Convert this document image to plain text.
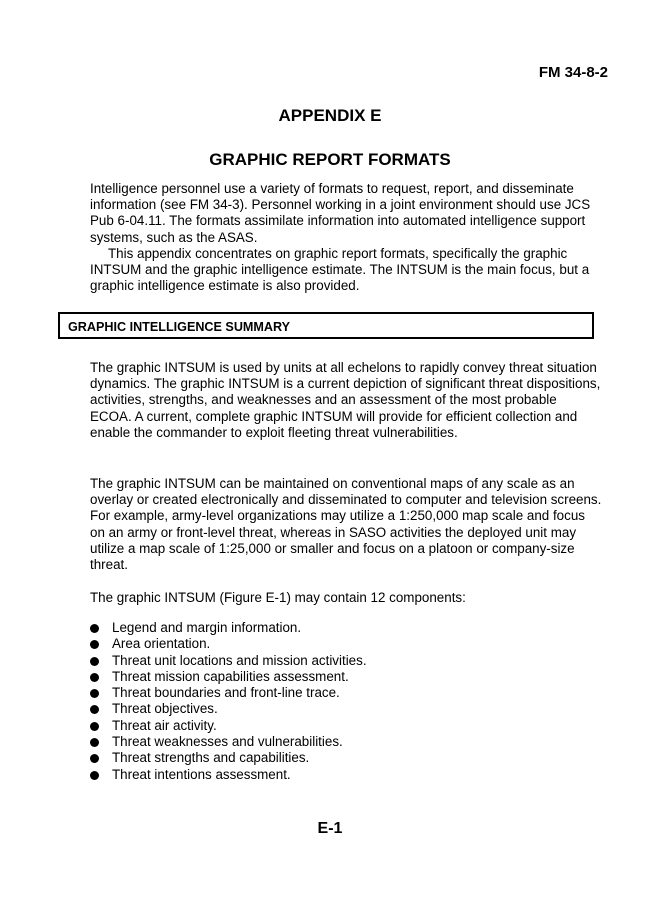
FM 34-8-2
APPENDIX E
GRAPHIC REPORT FORMATS

Intelligence personnel use a variety of formats to request, report, and disseminate information (see FM 34-3). Personnel working in a joint environment should use JCS Pub 6-04.11. The formats assimilate information into automated intelligence support systems, such as the ASAS.

This appendix concentrates on graphic report formats, specifically the graphic INTSUM and the graphic intelligence estimate. The INTSUM is the main focus, but a graphic intelligence estimate is also provided.

GRAPHIC INTELLIGENCE SUMMARY

The graphic INTSUM is used by units at all echelons to rapidly convey threat situation dynamics. The graphic INTSUM is a current depiction of significant threat dispositions, activities, strengths, and weaknesses and an assessment of the most probable ECOA. A current, complete graphic INTSUM will provide for efficient collection and enable the commander to exploit fleeting threat vulnerabilities.

The graphic INTSUM can be maintained on conventional maps of any scale as an overlay or created electronically and disseminated to computer and television screens. For example, army-level organizations may utilize a 1:250,000 map scale and focus on an army or front-level threat, whereas in SASO activities the deployed unit may utilize a map scale of 1:25,000 or smaller and focus on a platoon or company-size threat.

The graphic INTSUM (Figure E-1) may contain 12 components:

Legend and margin information.
Area orientation.
Threat unit locations and mission activities.
Threat mission capabilities assessment.
Threat boundaries and front-line trace.
Threat objectives.
Threat air activity.
Threat weaknesses and vulnerabilities.
Threat strengths and capabilities.
Threat intentions assessment.
E-1
